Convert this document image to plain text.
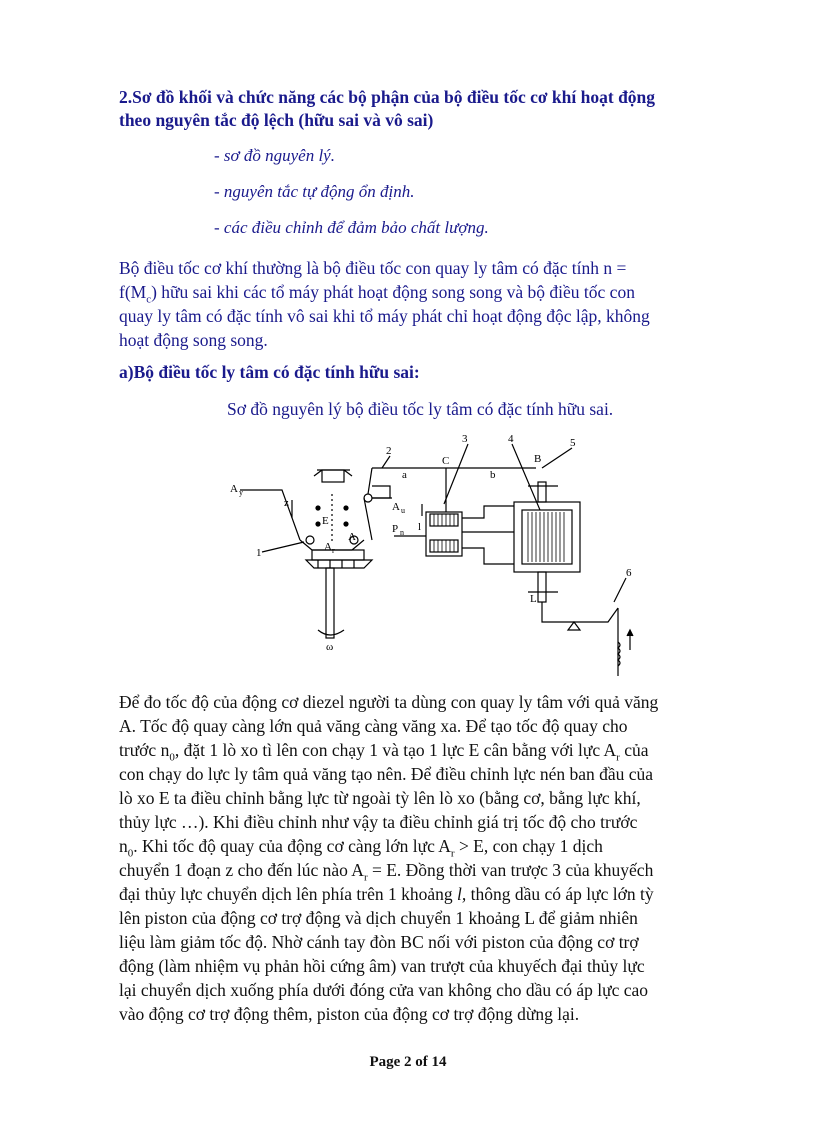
2.Sơ đồ khối và chức năng các bộ phận của bộ điều tốc cơ khí hoạt động
theo nguyên tắc độ lệch (hữu sai và vô sai)
- sơ đồ nguyên lý.
- nguyên tắc tự động ổn định.
- các điều chỉnh để đảm bảo chất lượng.
Bộ điều tốc cơ khí thường là bộ điều tốc con quay ly tâm có đặc tính n =
$f(M_c)$ hữu sai khi các tổ máy phát hoạt động song song và bộ điều tốc con
quay ly tâm có đặc tính vô sai khi tổ máy phát chỉ hoạt động độc lập, không
hoạt động song song.
a)Bộ điều tốc ly tâm có đặc tính hữu sai:
Sơ đồ nguyên lý bộ điều tốc ly tâm có đặc tính hữu sai.
A y
E
A
z
A r
1
ω
A u
2
a
C
b
B
3	4	5
P n l
L
6
Để đo tốc độ của động cơ diezel người ta dùng con quay ly tâm với quả văng
A. Tốc độ quay càng lớn quả văng càng văng xa. Để tạo tốc độ quay cho
trước $n_0$, đặt 1 lò xo tì lên con chạy 1 và tạo 1 lực E cân bằng với lực $A_r$ của
con chạy do lực ly tâm quả văng tạo nên. Để điều chỉnh lực nén ban đầu của
lò xo E ta điều chỉnh bằng lực từ ngoài tỳ lên lò xo (bằng cơ, bằng lực khí,
thủy lực …). Khi điều chỉnh như vậy ta điều chỉnh giá trị tốc độ cho trước
$n_0$. Khi tốc độ quay của động cơ càng lớn lực $A_r > E$, con chạy 1 dịch
chuyển 1 đoạn z cho đến lúc nào $A_r = E$. Đồng thời van trược 3 của khuyếch
đại thủy lực chuyển dịch lên phía trên 1 khoảng l, thông dầu có áp lực lớn tỳ
lên piston của động cơ trợ động và dịch chuyển 1 khoảng L để giảm nhiên
liệu làm giảm tốc độ. Nhờ cánh tay đòn BC nối với piston của động cơ trợ
động (làm nhiệm vụ phản hồi cứng âm) van trượt của khuyếch đại thủy lực
lại chuyển dịch xuống phía dưới đóng cửa van không cho dầu có áp lực cao
vào động cơ trợ động thêm, piston của động cơ trợ động dừng lại.
Page 2 of 14
